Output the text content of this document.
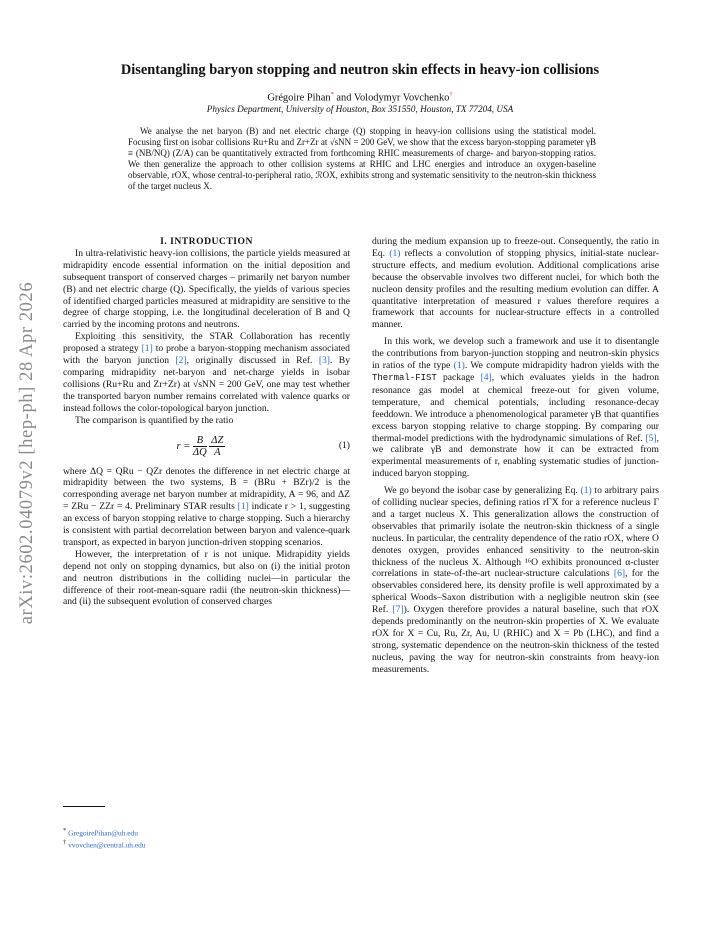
arXiv:2602.04079v2 [hep-ph] 28 Apr 2026
Disentangling baryon stopping and neutron skin effects in heavy-ion collisions
Grégoire Pihan* and Volodymyr Vovchenko†
Physics Department, University of Houston, Box 351550, Houston, TX 77204, USA
We analyse the net baryon (B) and net electric charge (Q) stopping in heavy-ion collisions using the statistical model. Focusing first on isobar collisions Ru+Ru and Zr+Zr at √sNN = 200 GeV, we show that the excess baryon-stopping parameter γB ≡ (NB/NQ) (Z/A) can be quantitatively extracted from forthcoming RHIC measurements of charge- and baryon-stopping ratios. We then generalize the approach to other collision systems at RHIC and LHC energies and introduce an oxygen-baseline observable, rOX, whose central-to-peripheral ratio, ℛOX, exhibits strong and systematic sensitivity to the neutron-skin thickness of the target nucleus X.

I. INTRODUCTION

In ultra-relativistic heavy-ion collisions, the particle yields measured at midrapidity encode essential information on the initial deposition and subsequent transport of conserved charges – primarily net baryon number (B) and net electric charge (Q). Specifically, the yields of various species of identified charged particles measured at midrapidity are sensitive to the degree of charge stopping, i.e. the longitudinal deceleration of B and Q carried by the incoming protons and neutrons.

Exploiting this sensitivity, the STAR Collaboration has recently proposed a strategy [1] to probe a baryon-stopping mechanism associated with the baryon junction [2], originally discussed in Ref. [3]. By comparing midrapidity net-baryon and net-charge yields in isobar collisions (Ru+Ru and Zr+Zr) at √sNN = 200 GeV, one may test whether the transported baryon number remains correlated with valence quarks or instead follows the color-topological baryon junction.

The comparison is quantified by the ratio

$r = \frac{B}{\Delta Q}$
$\frac{\Delta Z}{A}$	(1)

where ΔQ = QRu − QZr denotes the difference in net electric charge at midrapidity between the two systems, B = (BRu + BZr)/2 is the corresponding average net baryon number at midrapidity, A = 96, and ΔZ = ZRu − ZZr = 4. Preliminary STAR results [1] indicate r > 1, suggesting an excess of baryon stopping relative to charge stopping. Such a hierarchy is consistent with partial decorrelation between baryon and valence-quark transport, as expected in baryon junction-driven stopping scenarios.

However, the interpretation of r is not unique. Midrapidity yields depend not only on stopping dynamics, but also on (i) the initial proton and neutron distributions in the colliding nuclei—in particular the difference of their root-mean-square radii (the neutron-skin thickness)—and (ii) the subsequent evolution of conserved charges

during the medium expansion up to freeze-out. Consequently, the ratio in Eq. (1) reflects a convolution of stopping physics, initial-state nuclear-structure effects, and medium evolution. Additional complications arise because the observable involves two different nuclei, for which both the nucleon density profiles and the resulting medium evolution can differ. A quantitative interpretation of measured r values therefore requires a framework that accounts for nuclear-structure effects in a controlled manner.

In this work, we develop such a framework and use it to disentangle the contributions from baryon-junction stopping and neutron-skin physics in ratios of the type (1). We compute midrapidity hadron yields with the Thermal-FIST package [4], which evaluates yields in the hadron resonance gas model at chemical freeze-out for given volume, temperature, and chemical potentials, including resonance-decay feeddown. We introduce a phenomenological parameter γB that quantifies excess baryon stopping relative to charge stopping. By comparing our thermal-model predictions with the hydrodynamic simulations of Ref. [5], we calibrate γB and demonstrate how it can be extracted from experimental measurements of r, enabling systematic studies of junction-induced baryon stopping.

We go beyond the isobar case by generalizing Eq. (1) to arbitrary pairs of colliding nuclear species, defining ratios rΓX for a reference nucleus Γ and a target nucleus X. This generalization allows the construction of observables that primarily isolate the neutron-skin thickness of a single nucleus. In particular, the centrality dependence of the ratio rOX, where O denotes oxygen, provides enhanced sensitivity to the neutron-skin thickness of the nucleus X. Although ¹⁶O exhibits pronounced α-cluster correlations in state-of-the-art nuclear-structure calculations [6], for the observables considered here, its density profile is well approximated by a spherical Woods–Saxon distribution with a negligible neutron skin (see Ref. [7]). Oxygen therefore provides a natural baseline, such that rOX depends predominantly on the neutron-skin properties of X. We evaluate rOX for X = Cu, Ru, Zr, Au, U (RHIC) and X = Pb (LHC), and find a strong, systematic dependence on the neutron-skin thickness of the tested nucleus, paving the way for neutron-skin constraints from heavy-ion measurements.

* GregoirePihan@uh.edu
† vvovchen@central.uh.edu
